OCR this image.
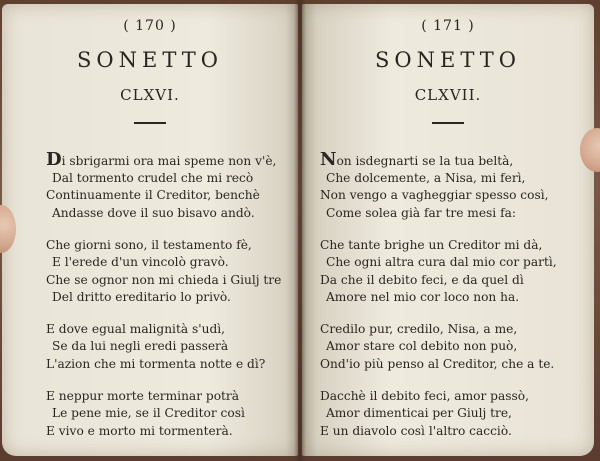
( 170 )
SONETTO
CLXVI.
Di sbrigarmi ora mai speme non v'è,
Dal tormento crudel che mi recò
Continuamente il Creditor, benchè
Andasse dove il suo bisavo andò.
Che giorni sono, il testamento fè,
E l'erede d'un vincolò gravò.
Che se ognor non mi chieda i Giulj tre
Del dritto ereditario lo privò.
E dove egual malignità s'udì,
Se da lui negli eredi passerà
L'azion che mi tormenta notte e dì?
E neppur morte terminar potrà
Le pene mie, se il Creditor così
E vivo e morto mi tormenterà.
( 171 )
SONETTO
CLXVII.
Non isdegnarti se la tua beltà,
Che dolcemente, a Nisa, mi ferì,
Non vengo a vagheggiar spesso così,
Come solea già far tre mesi fa:
Che tante brighe un Creditor mi dà,
Che ogni altra cura dal mio cor partì,
Da che il debito feci, e da quel dì
Amore nel mio cor loco non ha.
Credilo pur, credilo, Nisa, a me,
Amor stare col debito non può,
Ond'io più penso al Creditor, che a te.
Dacchè il debito feci, amor passò,
Amor dimenticai per Giulj tre,
E un diavolo così l'altro cacciò.
